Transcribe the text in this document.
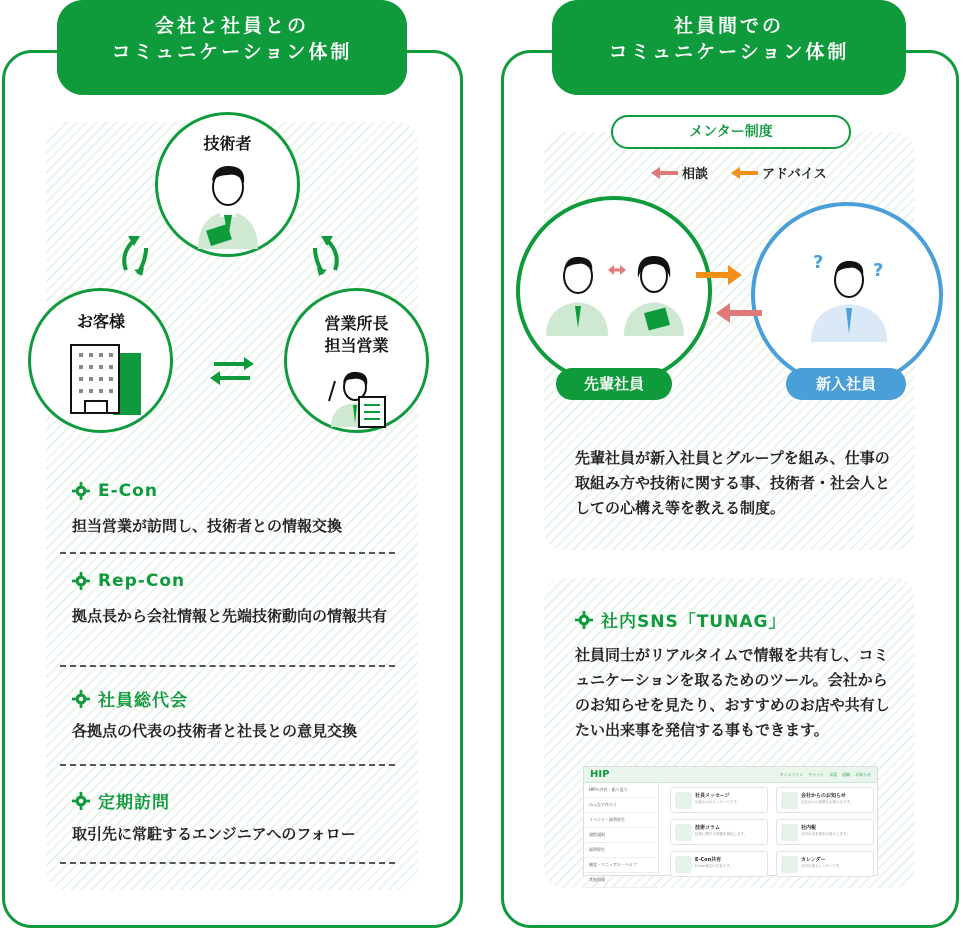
会社と社員との
コミュニケーション体制
技術者
お客様	営業所長
担当営業
E-Con
担当営業が訪問し、技術者との情報交換
Rep-Con
拠点長から会社情報と先端技術動向の情報共有
社員総代会
各拠点の代表の技術者と社長との意見交換
定期訪問
取引先に常駐するエンジニアへのフォロー
社員間での
コミュニケーション体制
メンター制度
相談	アドバイス
先輩社員
?	?
新入社員
先輩社員が新入社員とグループを組み、仕事の取組み方や技術に関する事、技術者・社会人としての心構え等を教える制度。
社内SNS「TUNAG」
社員同士がリアルタイムで情報を共有し、コミュニケーションを取るためのツール。会社からのお知らせを見たり、おすすめのお店や共有したい出来事を発信する事もできます。
HIP	タイムライン チャット 承認 組織 お知らせ
HIPの共有・振り返り
みんなで作ろう
イベント・福利厚生
規程規則
福利厚生
制度・マニュアル・ヘルプ
其他情報
社長メッセージ
社長からのメッセージです。
会社からのお知らせ
会社からの重要なお知らせです。
技術コラム
技術に関する情報を発信します。
社内報
社内の出来事をお届けします。
E-Con共有
E-Con報告の共有です。
カレンダー
社内行事カレンダーです。
